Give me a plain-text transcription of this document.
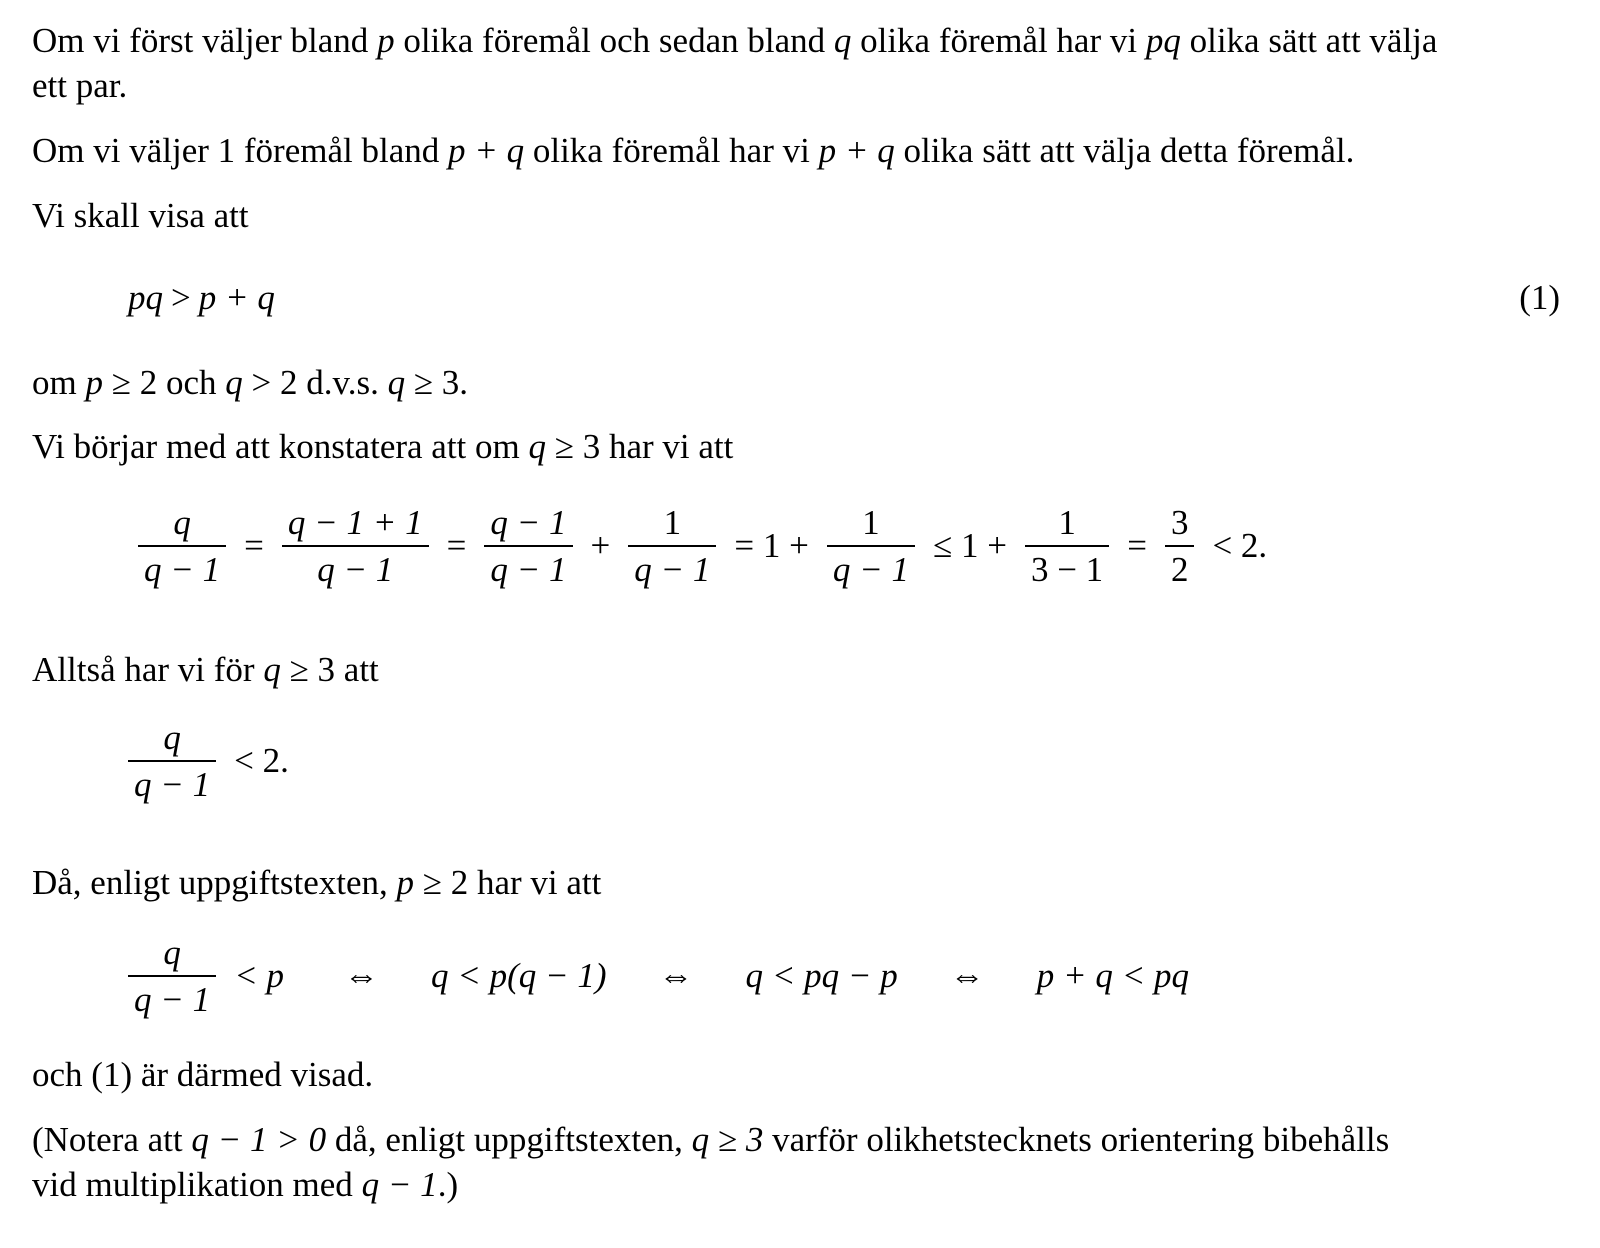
Om vi först väljer bland p olika föremål och sedan bland q olika föremål har vi pq olika sätt att välja
ett par.
Om vi väljer 1 föremål bland p + q olika föremål har vi p + q olika sätt att välja detta föremål.
Vi skall visa att
pq > p + q	(1)
om p ≥ 2 och q > 2 d.v.s. q ≥ 3.
Vi börjar med att konstatera att om q ≥ 3 har vi att
$\frac{q}{q - 1} = \frac{q - 1 + 1}{q - 1} = \frac{q - 1}{q - 1} + \frac{1}{q - 1} = 1 + \frac{1}{q - 1} \le 1 + \frac{1}{3 - 1} = \frac{3}{2} < 2$.
Alltså har vi för q ≥ 3 att
$\frac{q}{q - 1} < 2$.
Då, enligt uppgiftstexten, p ≥ 2 har vi att
$\frac{q}{q - 1} < p$ ⇔ q < p(q − 1) ⇔ q < pq − p ⇔ p + q < pq
och (1) är därmed visad.
(Notera att q − 1 > 0 då, enligt uppgiftstexten, q ≥ 3 varför olikhetstecknets orientering bibehålls
vid multiplikation med q − 1.)
